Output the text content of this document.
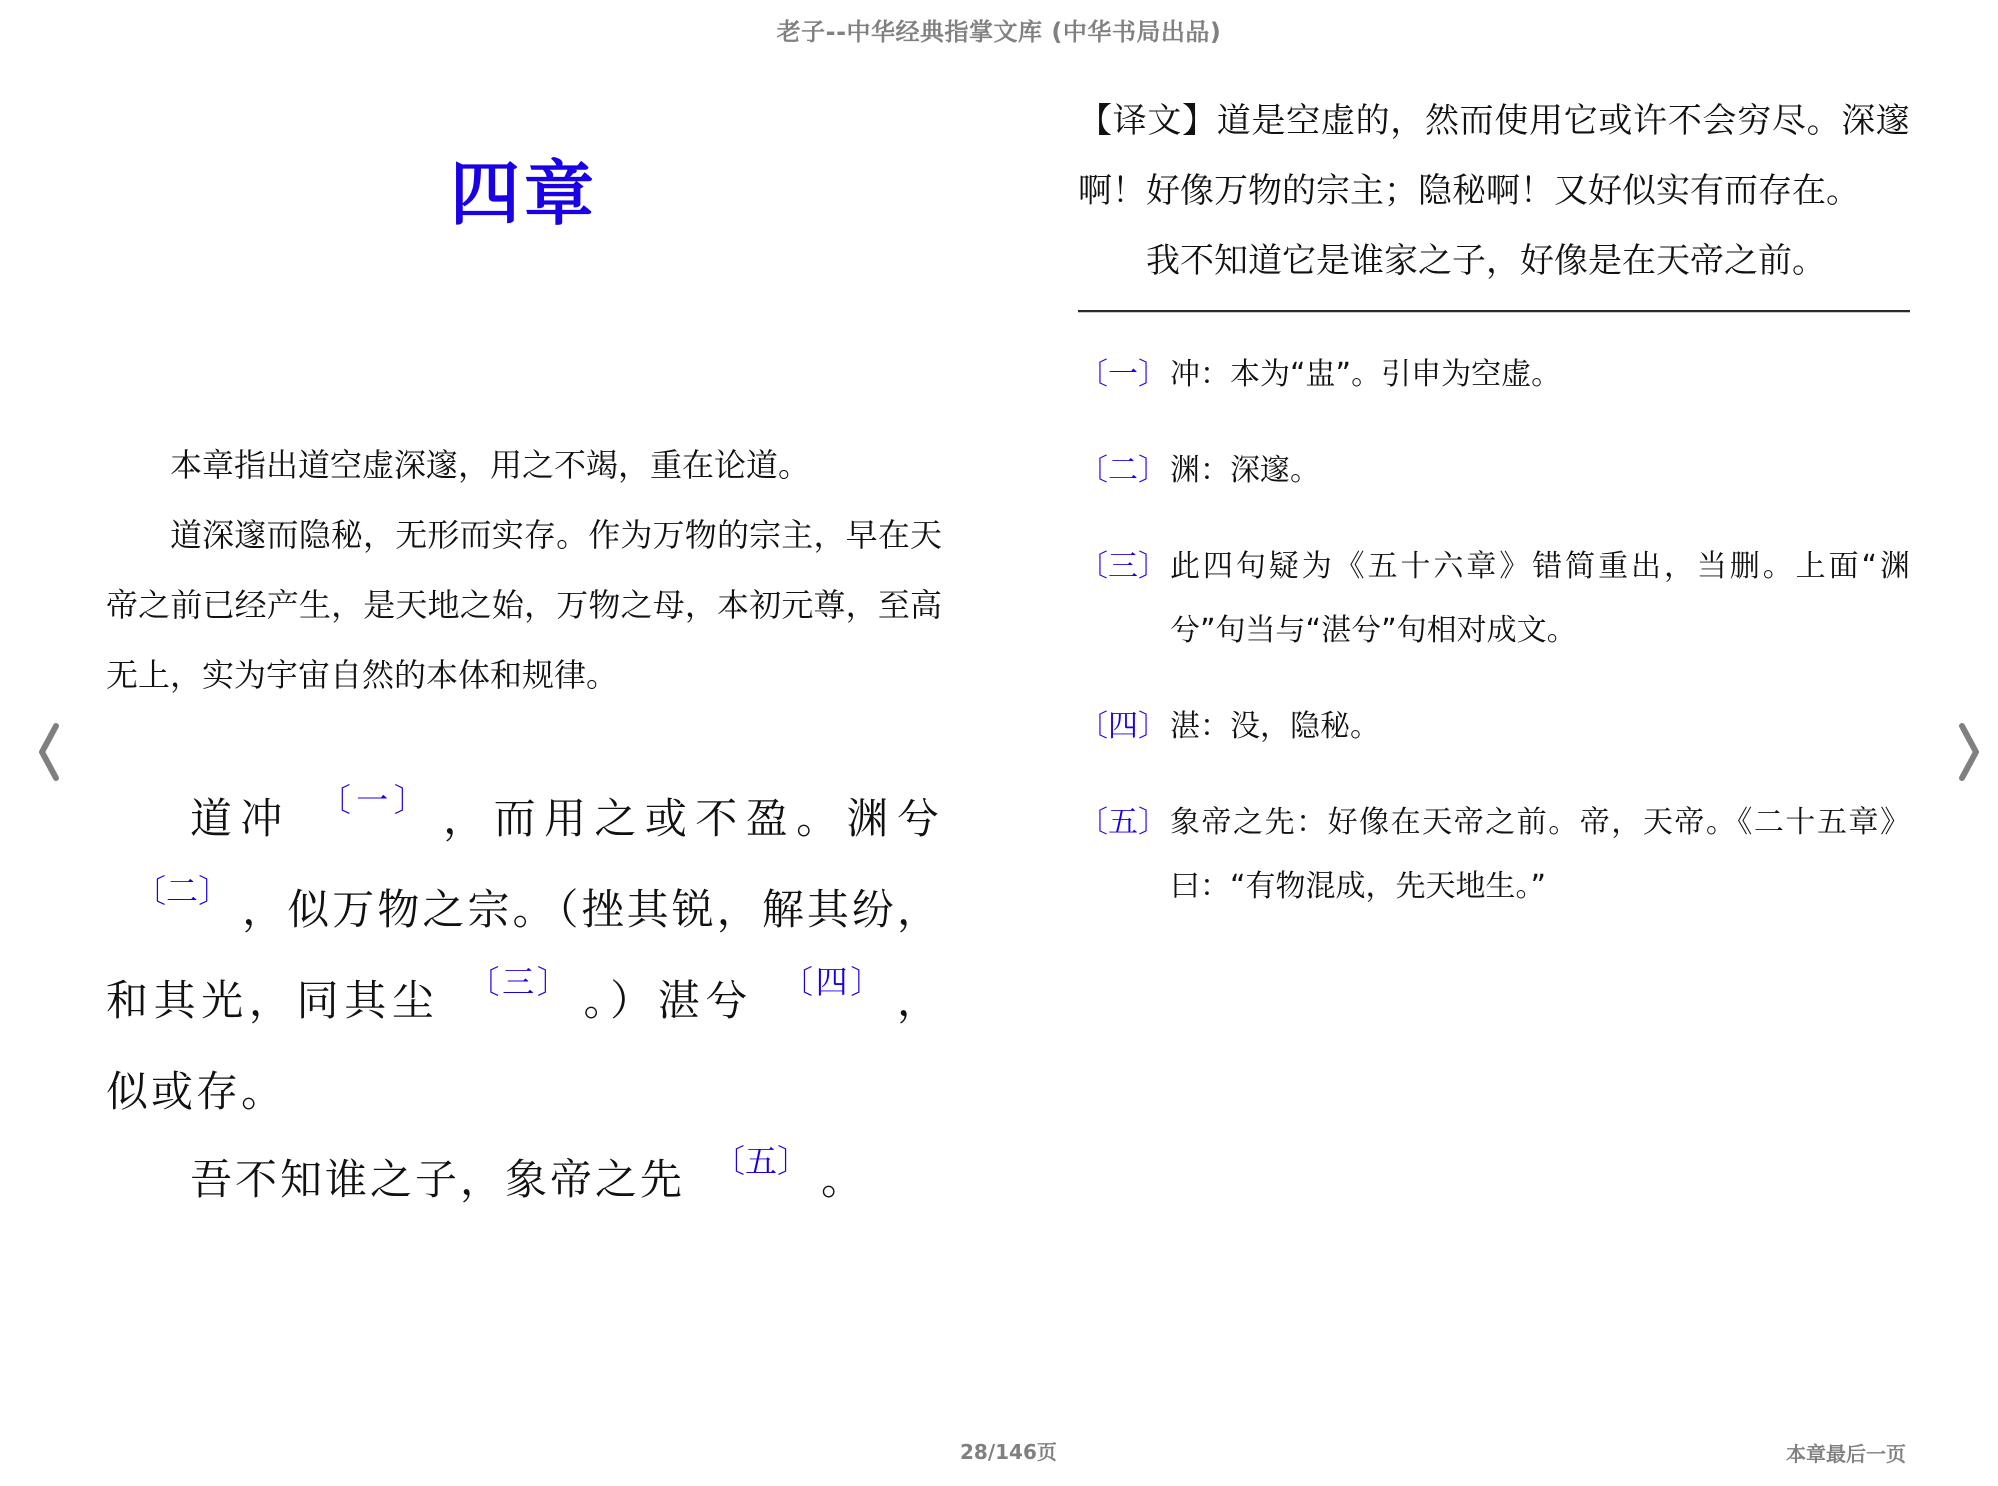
老子--中华经典指掌文库 (中华书局出品)
四章

本章指出道空虚深邃，用之不竭，重在论道。

道深邃而隐秘，无形而实存。作为万物的宗主，早在天帝之前已经产生，是天地之始，万物之母，本初元尊，至高无上，实为宇宙自然的本体和规律。

道冲 $^{〔一〕}$ ，而用之或不盈。渊兮$^{〔二〕}$ ，似万物之宗。（挫其锐，解其纷，和其光，同其尘 $^{〔三〕}$ 。）湛兮 $^{〔四〕}$ ，似或存。

吾不知谁之子，象帝之先 $^{〔五〕}$ 。

【译文】道是空虚的，然而使用它或许不会穷尽。深邃啊！好像万物的宗主；隐秘啊！又好似实有而存在。

我不知道它是谁家之子，好像是在天帝之前。

〔一〕 冲：本为“盅”。引申为空虚。
〔二〕 渊：深邃。
〔三〕 此四句疑为《五十六章》错简重出，当删。上面“渊兮”句当与“湛兮”句相对成文。
〔四〕 湛：没，隐秘。
〔五〕 象帝之先：好像在天帝之前。帝，天帝。《二十五章》曰：“有物混成，先天地生。”
28/146页	本章最后一页
